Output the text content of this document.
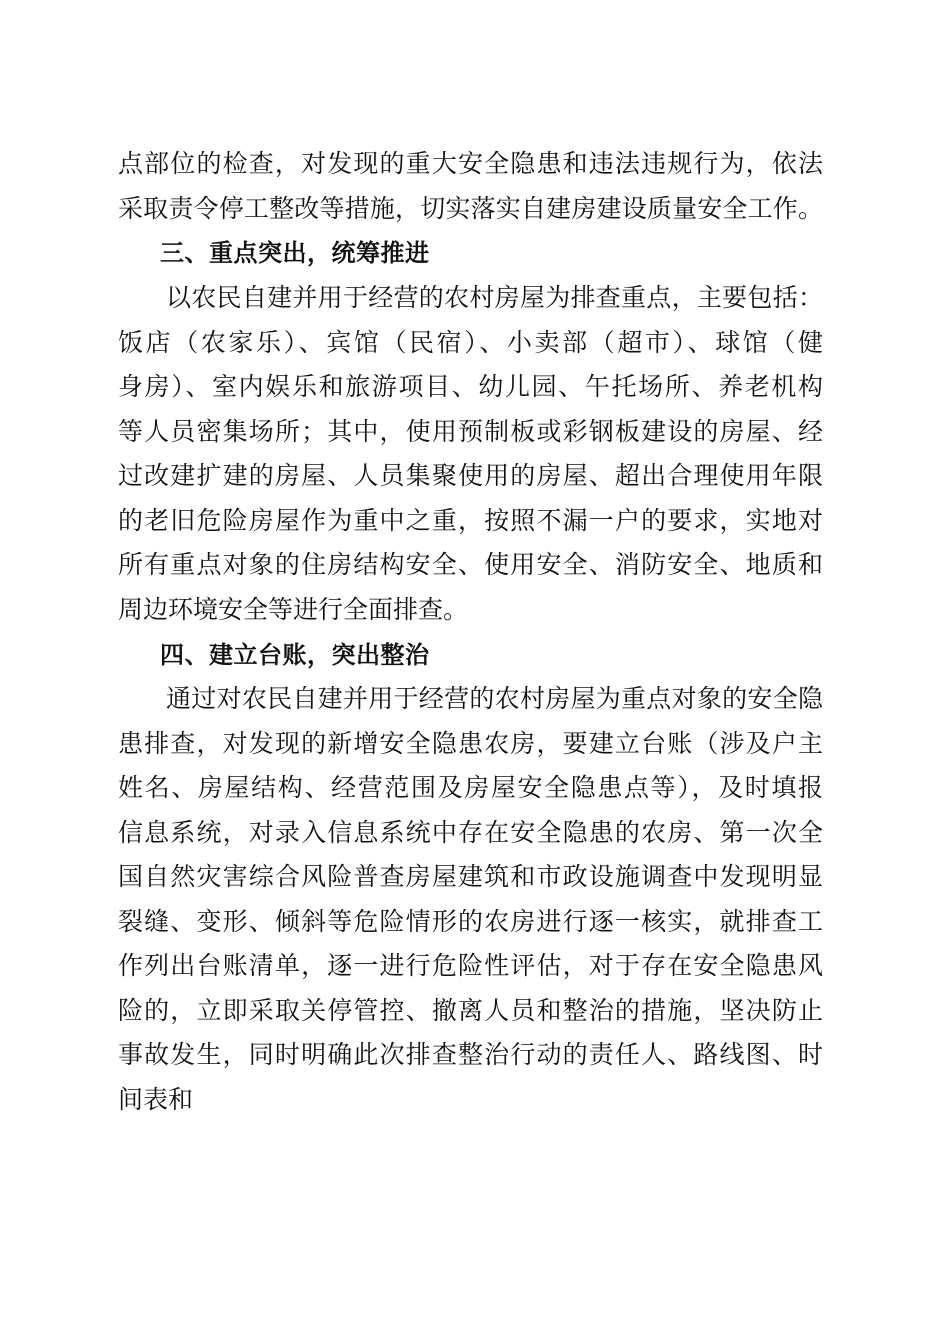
点部位的检查，对发现的重大安全隐患和违法违规行为，依法
采取责令停工整改等措施，切实落实自建房建设质量安全工作。
三、重点突出，统筹推进
以农民自建并用于经营的农村房屋为排查重点，主要包括：
饭店（农家乐）、宾馆（民宿）、小卖部（超市）、球馆（健
身房）、室内娱乐和旅游项目、幼儿园、午托场所、养老机构
等人员密集场所；其中，使用预制板或彩钢板建设的房屋、经
过改建扩建的房屋、人员集聚使用的房屋、超出合理使用年限
的老旧危险房屋作为重中之重，按照不漏一户的要求，实地对
所有重点对象的住房结构安全、使用安全、消防安全、地质和
周边环境安全等进行全面排查。
四、建立台账，突出整治
通过对农民自建并用于经营的农村房屋为重点对象的安全隐
患排查，对发现的新增安全隐患农房，要建立台账（涉及户主
姓名、房屋结构、经营范围及房屋安全隐患点等），及时填报
信息系统，对录入信息系统中存在安全隐患的农房、第一次全
国自然灾害综合风险普查房屋建筑和市政设施调查中发现明显
裂缝、变形、倾斜等危险情形的农房进行逐一核实，就排查工
作列出台账清单，逐一进行危险性评估，对于存在安全隐患风
险的，立即采取关停管控、撤离人员和整治的措施，坚决防止
事故发生，同时明确此次排查整治行动的责任人、路线图、时
间表和
